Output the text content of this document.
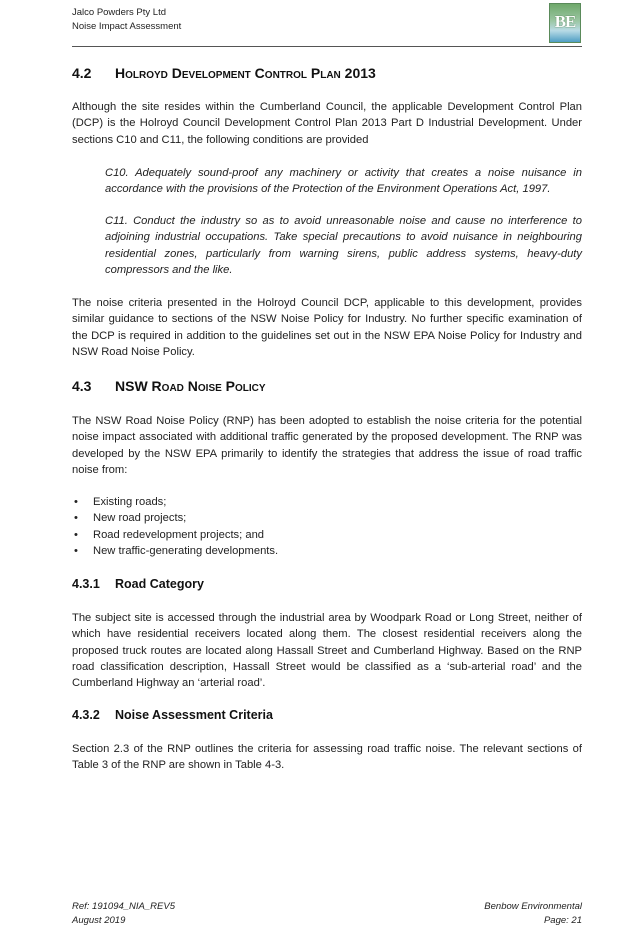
Jalco Powders Pty Ltd
Noise Impact Assessment	BE
4.2 Holroyd Development Control Plan 2013

Although the site resides within the Cumberland Council, the applicable Development Control Plan (DCP) is the Holroyd Council Development Control Plan 2013 Part D Industrial Development. Under sections C10 and C11, the following conditions are provided

C10. Adequately sound-proof any machinery or activity that creates a noise nuisance in accordance with the provisions of the Protection of the Environment Operations Act, 1997.

C11. Conduct the industry so as to avoid unreasonable noise and cause no interference to adjoining industrial occupations. Take special precautions to avoid nuisance in neighbouring residential zones, particularly from warning sirens, public address systems, heavy-duty compressors and the like.

The noise criteria presented in the Holroyd Council DCP, applicable to this development, provides similar guidance to sections of the NSW Noise Policy for Industry. No further specific examination of the DCP is required in addition to the guidelines set out in the NSW EPA Noise Policy for Industry and NSW Road Noise Policy.

4.3 NSW Road Noise Policy

The NSW Road Noise Policy (RNP) has been adopted to establish the noise criteria for the potential noise impact associated with additional traffic generated by the proposed development. The RNP was developed by the NSW EPA primarily to identify the strategies that address the issue of road traffic noise from:

• Existing roads;
• New road projects;
• Road redevelopment projects; and
• New traffic-generating developments.
4.3.1 Road Category

The subject site is accessed through the industrial area by Woodpark Road or Long Street, neither of which have residential receivers located along them. The closest residential receivers along the proposed truck routes are located along Hassall Street and Cumberland Highway. Based on the RNP road classification description, Hassall Street would be classified as a ‘sub-arterial road’ and the Cumberland Highway an ‘arterial road’.

4.3.2 Noise Assessment Criteria

Section 2.3 of the RNP outlines the criteria for assessing road traffic noise. The relevant sections of Table 3 of the RNP are shown in Table 4-3.

Ref: 191094_NIA_REV5
August 2019
Benbow Environmental
Page: 21
